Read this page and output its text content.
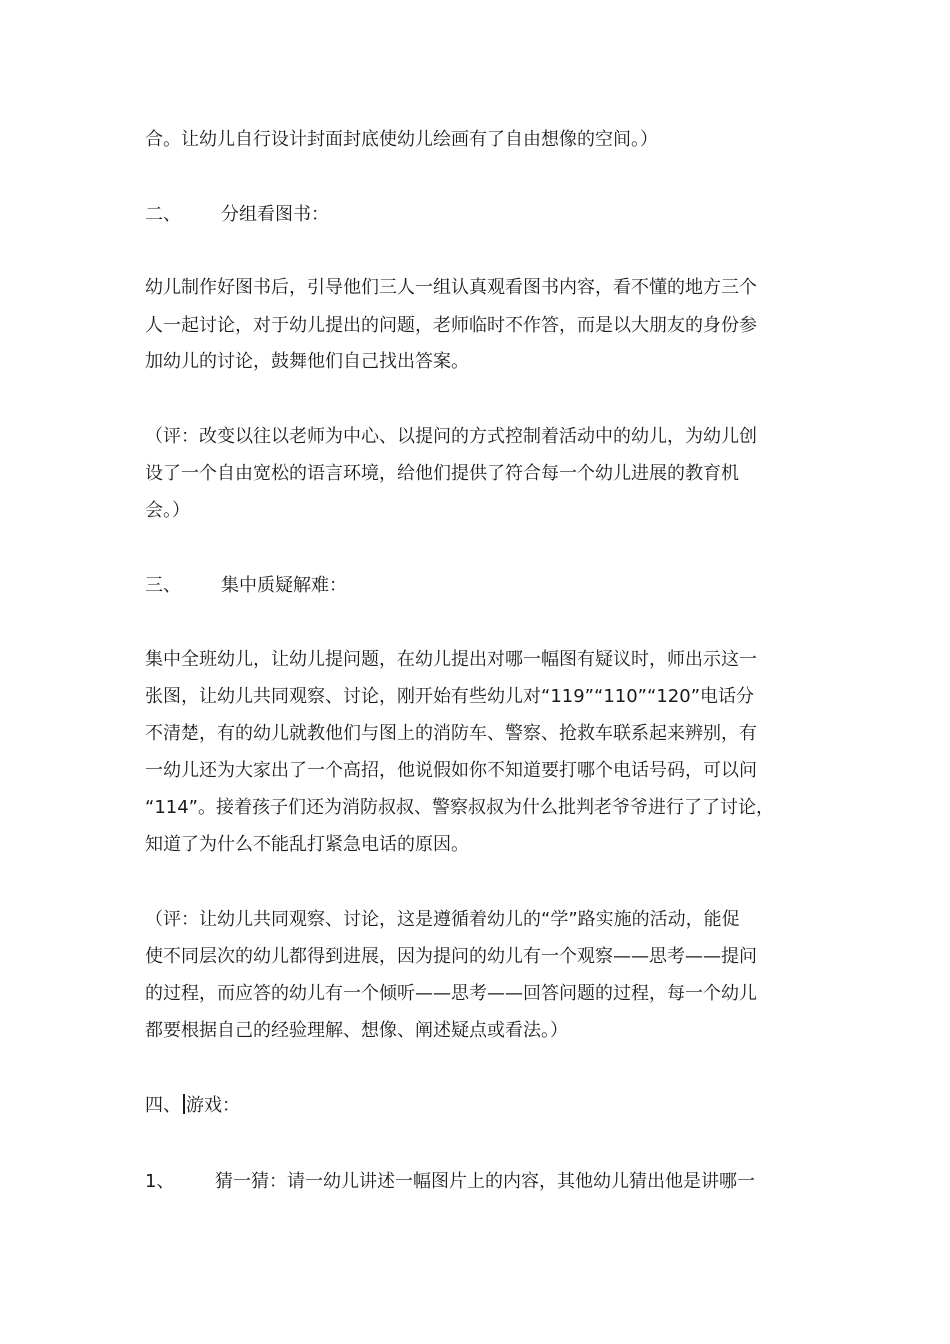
合。让幼儿自行设计封面封底使幼儿绘画有了自由想像的空间。）
二、 分组看图书：
幼儿制作好图书后，引导他们三人一组认真观看图书内容，看不懂的地方三个
人一起讨论，对于幼儿提出的问题，老师临时不作答，而是以大朋友的身份参
加幼儿的讨论，鼓舞他们自己找出答案。
（评：改变以往以老师为中心、以提问的方式控制着活动中的幼儿，为幼儿创
设了一个自由宽松的语言环境，给他们提供了符合每一个幼儿进展的教育机
会。）
三、 集中质疑解难：
集中全班幼儿，让幼儿提问题，在幼儿提出对哪一幅图有疑议时，师出示这一
张图，让幼儿共同观察、讨论，刚开始有些幼儿对“119”“110”“120”电话分
不清楚，有的幼儿就教他们与图上的消防车、警察、抢救车联系起来辨别，有
一幼儿还为大家出了一个高招，他说假如你不知道要打哪个电话号码，可以问
“114”。接着孩子们还为消防叔叔、警察叔叔为什么批判老爷爷进行了了讨论，
知道了为什么不能乱打紧急电话的原因。
（评：让幼儿共同观察、讨论，这是遵循着幼儿的“学”路实施的活动，能促
使不同层次的幼儿都得到进展，因为提问的幼儿有一个观察——思考——提问
的过程，而应答的幼儿有一个倾听——思考——回答问题的过程，每一个幼儿
都要根据自己的经验理解、想像、阐述疑点或看法。）
四、 游戏：
1、 猜一猜：请一幼儿讲述一幅图片上的内容，其他幼儿猜出他是讲哪一
